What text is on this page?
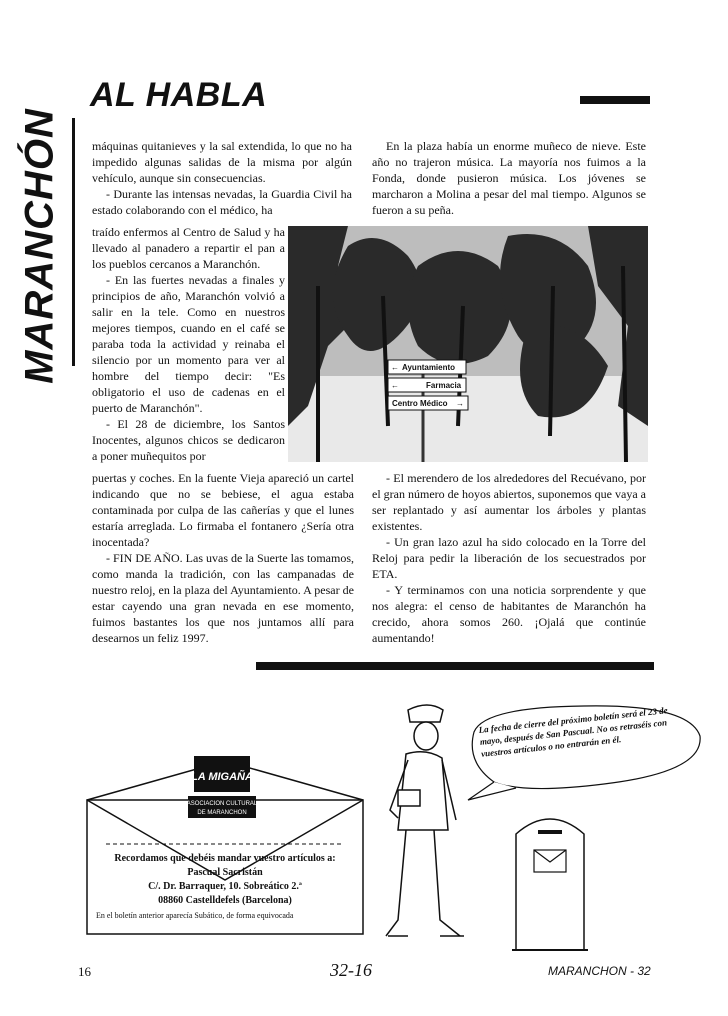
AL HABLA
MARANCHÓN	máquinas quitanieves y la sal extendida, lo que no ha impedido algunas salidas de la misma por algún vehículo, aunque sin consecuencias.

- Durante las intensas nevadas, la Guardia Civil ha estado colaborando con el médico, ha

traído enfermos al Centro de Salud y ha llevado al panadero a repartir el pan a los pueblos cercanos a Maranchón.

- En las fuertes nevadas a finales y principios de año, Maranchón volvió a salir en la tele. Como en nuestros mejores tiempos, cuando en el café se paraba toda la actividad y reinaba el silencio por un momento para ver al hombre del tiempo decir: "Es obligatorio el uso de cadenas en el puerto de Maranchón".

- El 28 de diciembre, los Santos Inocentes, algunos chicos se dedicaron a poner muñequitos por

puertas y coches. En la fuente Vieja apareció un cartel indicando que no se bebiese, el agua estaba contaminada por culpa de las cañerías y que el lunes estaría arreglada. Lo firmaba el fontanero ¿Sería otra inocentada?

- FIN DE AÑO. Las uvas de la Suerte las tomamos, como manda la tradición, con las campanadas de nuestro reloj, en la plaza del Ayuntamiento. A pesar de estar cayendo una gran nevada en ese momento, fuimos bastantes los que nos juntamos allí para desearnos un feliz 1997.

En la plaza había un enorme muñeco de nieve. Este año no trajeron música. La mayoría nos fuimos a la Fonda, donde pusieron música. Los jóvenes se marcharon a Molina a pesar del mal tiempo. Algunos se fueron a su peña.

- El merendero de los alrededores del Recuévano, por el gran número de hoyos abiertos, suponemos que vaya a ser replantado y así aumentar los árboles y plantas existentes.

- Un gran lazo azul ha sido colocado en la Torre del Reloj para pedir la liberación de los secuestrados por ETA.

- Y terminamos con una noticia sorprendente y que nos alegra: el censo de habitantes de Maranchón ha crecido, ahora somos 260. ¡Ojalá que continúe aumentando!

← Ayuntamiento
←	Farmacia
Centro Médico →
LA MIGAÑA
ASOCIACION CULTURAL
DE MARANCHON
Recordamos que debéis mandar vuestro artículos a:
Pascual Sacristán
C/. Dr. Barraquer, 10. Sobreático 2.ª
08860 Castelldefels (Barcelona)
En el boletín anterior aparecía Subático, de forma equivocada
La fecha de cierre del próximo boletín será el 23 de mayo, después de San Pascual. No os retraséis con vuestros artículos o no entrarán en él.
16	32-16	MARANCHON - 32
